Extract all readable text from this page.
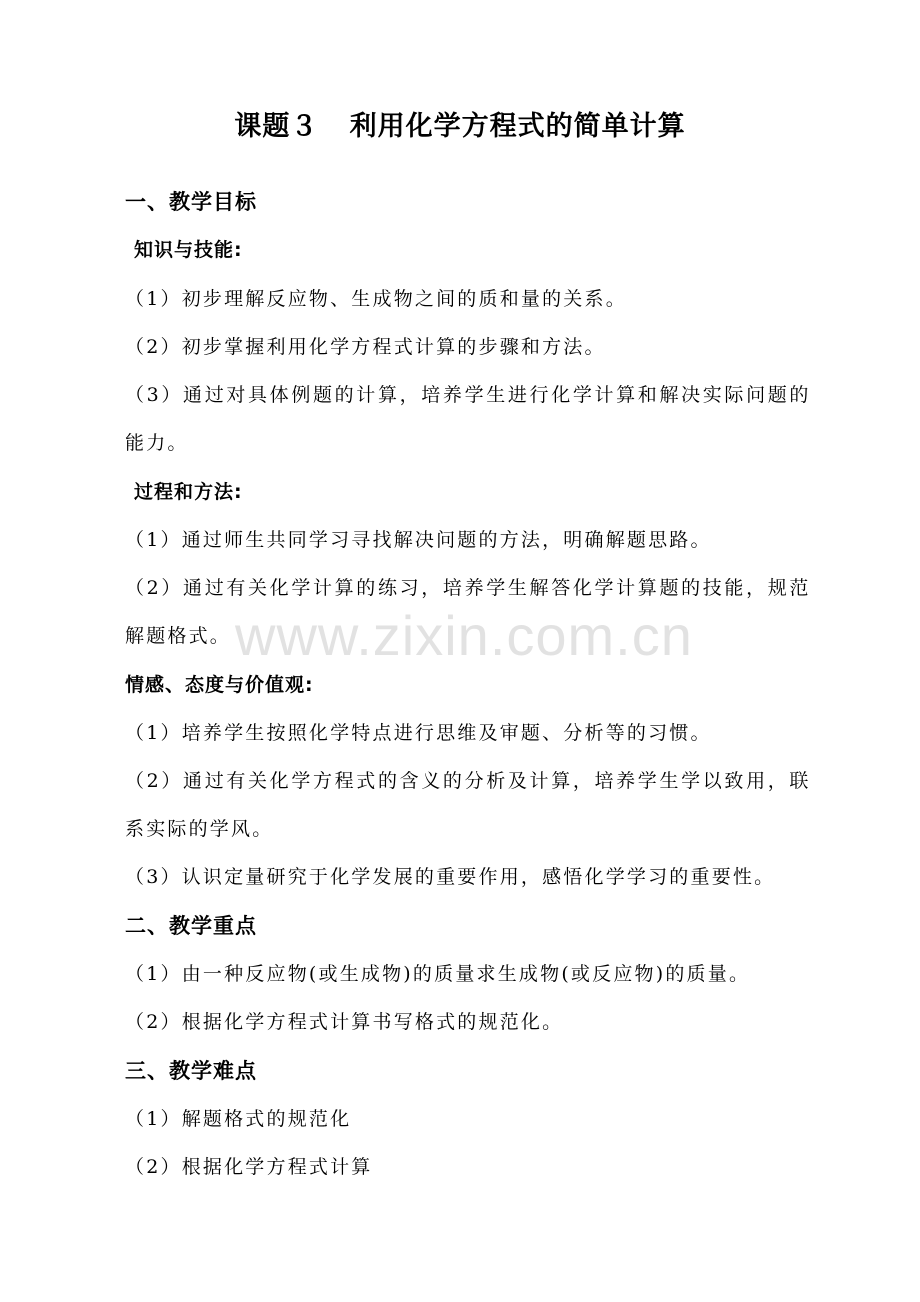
课题３   利用化学方程式的简单计算
一、教学目标
知识与技能:
（1）初步理解反应物、生成物之间的质和量的关系。
（2）初步掌握利用化学方程式计算的步骤和方法。
（3）通过对具体例题的计算，培养学生进行化学计算和解决实际问题的
能力。
过程和方法:
（1）通过师生共同学习寻找解决问题的方法，明确解题思路。
（2）通过有关化学计算的练习，培养学生解答化学计算题的技能，规范
解题格式。
情感、态度与价值观:
（1）培养学生按照化学特点进行思维及审题、分析等的习惯。
（2）通过有关化学方程式的含义的分析及计算，培养学生学以致用，联
系实际的学风。
（3）认识定量研究于化学发展的重要作用，感悟化学学习的重要性。
二、教学重点
（1）由一种反应物(或生成物)的质量求生成物(或反应物)的质量。
（2）根据化学方程式计算书写格式的规范化。
三、教学难点
（1）解题格式的规范化
（2）根据化学方程式计算
www.zixin.com.cn
